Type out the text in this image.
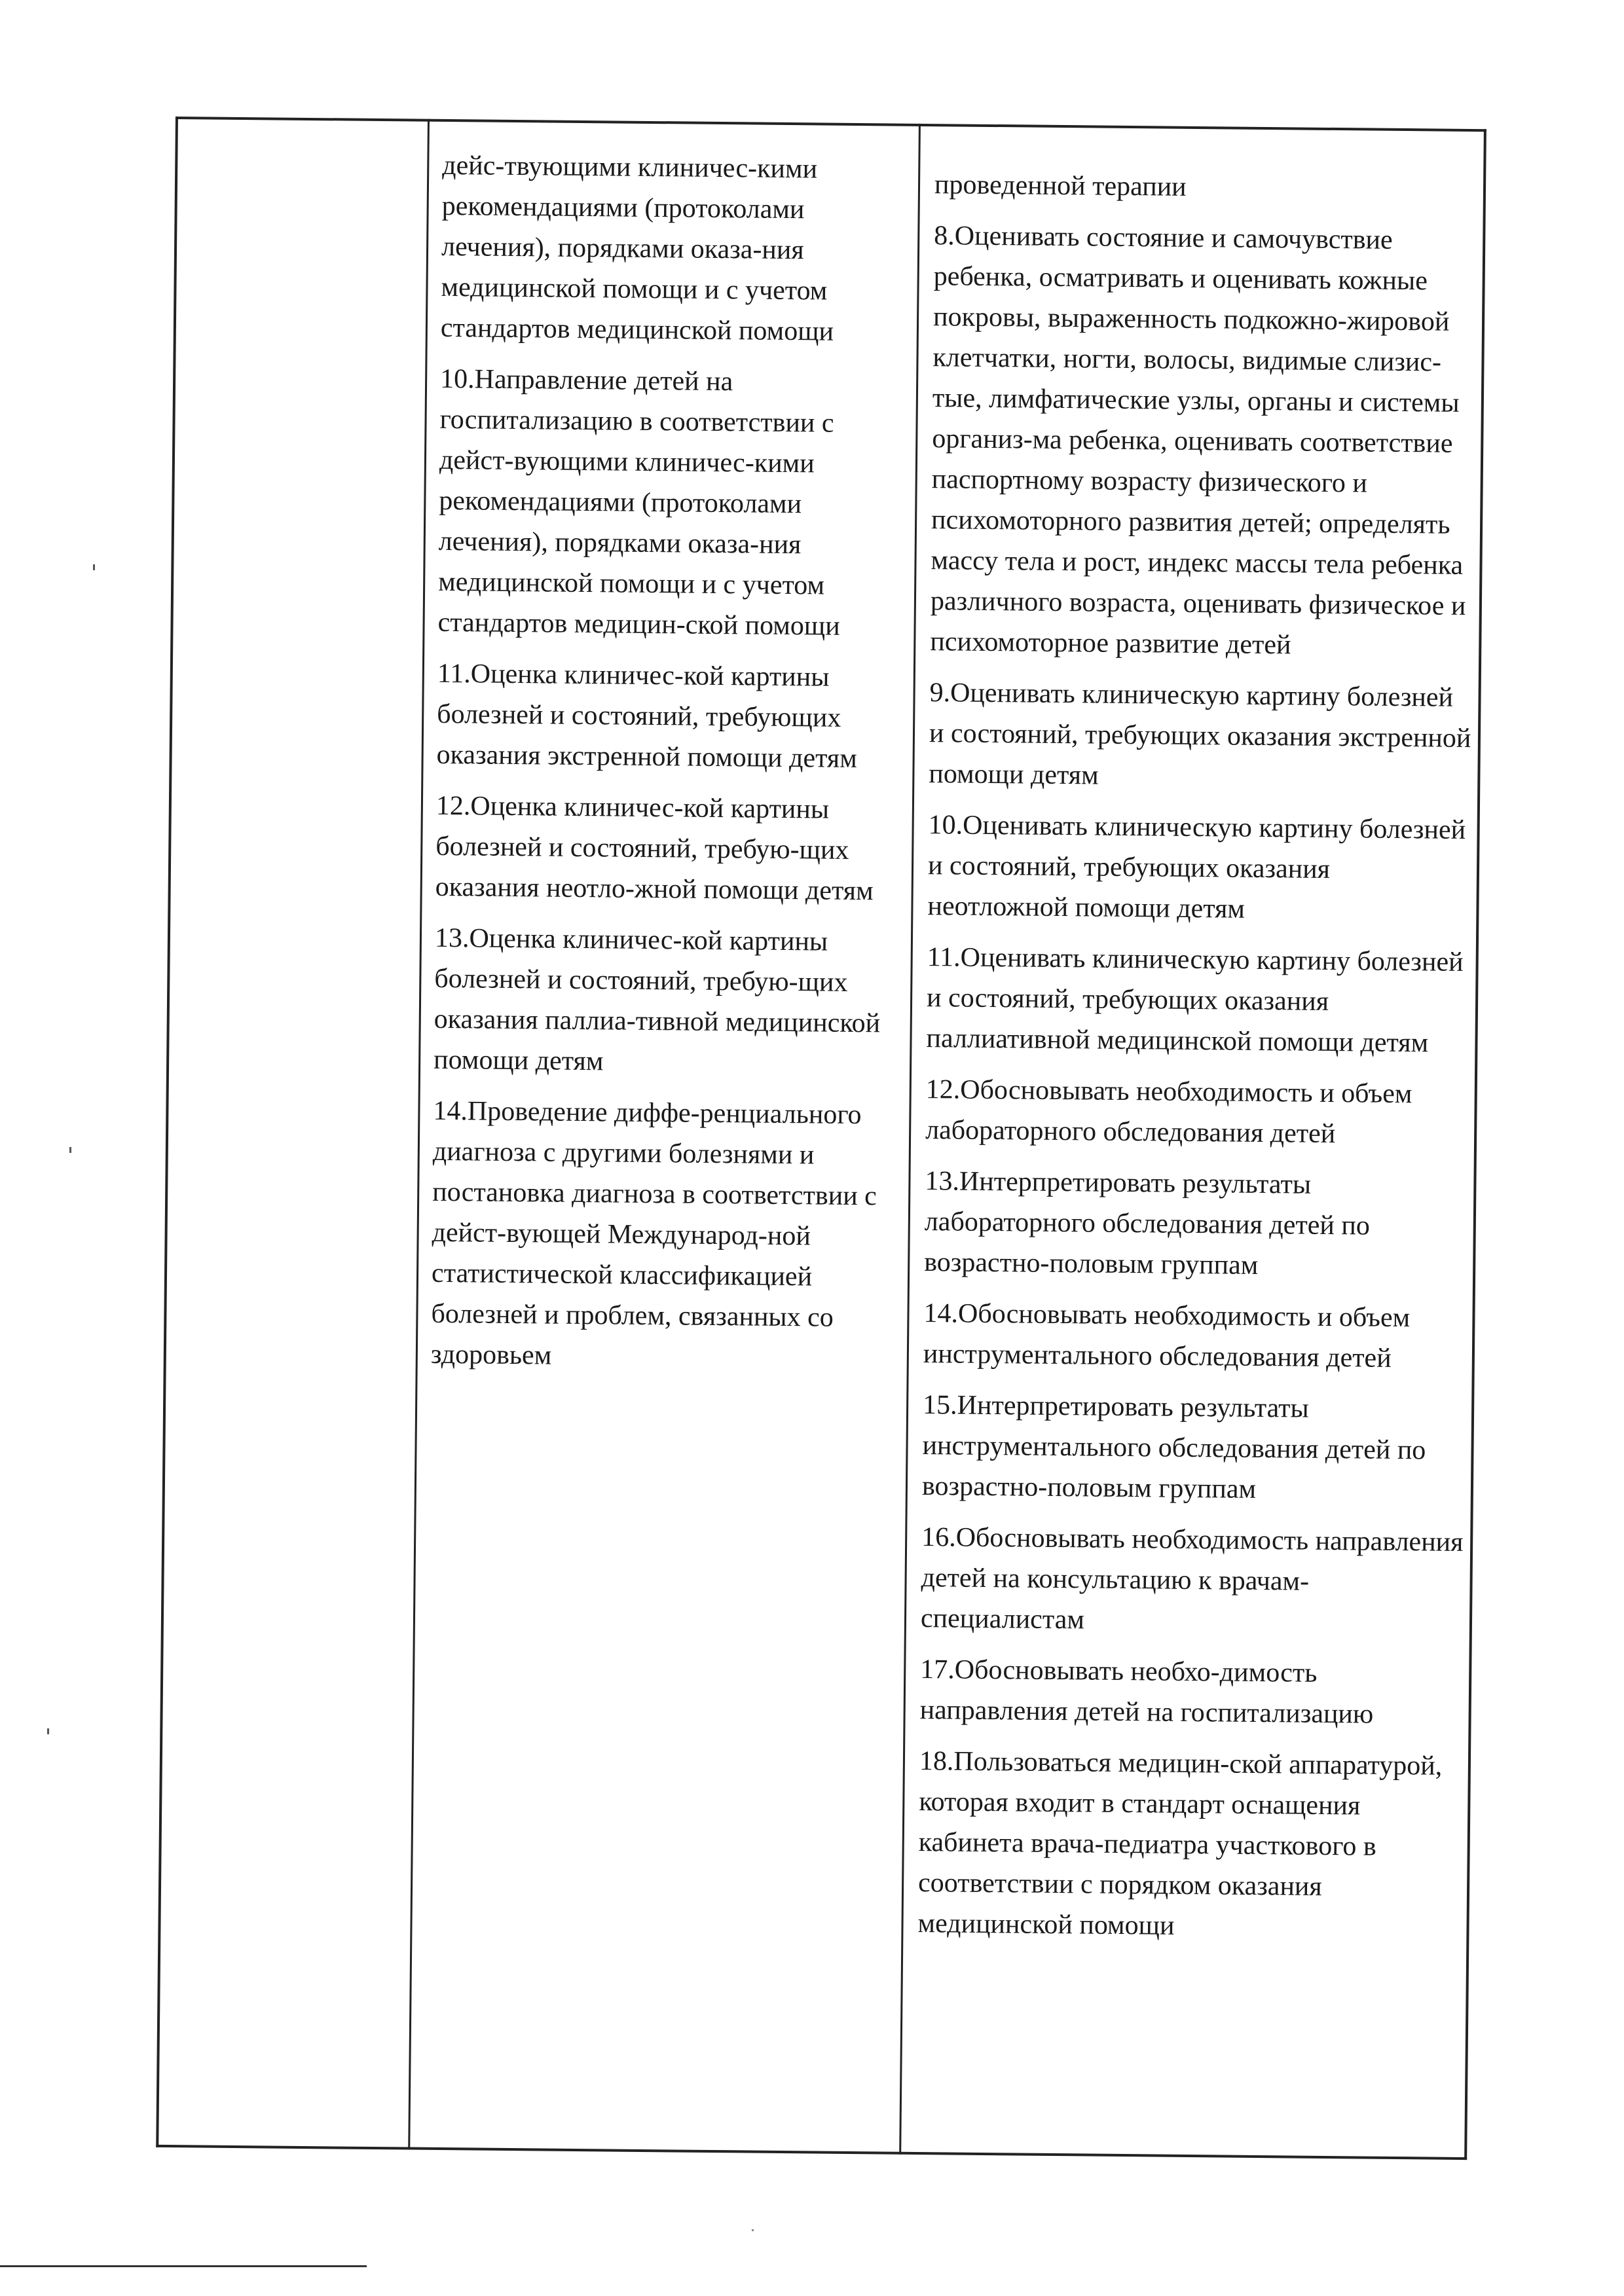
дейс-твующими клиничес-кими рекомендациями (протоколами лечения), порядками оказа-ния медицинской помощи и с учетом стандартов медицинской помощи

10.Направление детей на госпитализацию в соответствии с дейст-вующими клиничес-кими рекомендациями (протоколами лечения), порядками оказа-ния медицинской помощи и с учетом стандартов медицин-ской помощи

11.Оценка клиничес-кой картины болезней и состояний, требующих оказания экстренной помощи детям

12.Оценка клиничес-кой картины болезней и состояний, требую-щих оказания неотло-жной помощи детям

13.Оценка клиничес-кой картины болезней и состояний, требую-щих оказания паллиа-тивной медицинской помощи детям

14.Проведение диффе-ренциального диагноза с другими болезнями и постановка диагноза в соответствии с дейст-вующей Международ-ной статистической классификацией болезней и проблем, связанных со здоровьем

проведенной терапии

8.Оценивать состояние и самочувствие ребенка, осматривать и оценивать кожные покровы, выраженность подкожно-жировой клетчатки, ногти, волосы, видимые слизис-тые, лимфатические узлы, органы и системы организ-ма ребенка, оценивать соответствие паспортному возрасту физического и психомоторного развития детей; определять массу тела и рост, индекс массы тела ребенка различного возраста, оценивать физическое и психомоторное развитие детей

9.Оценивать клиническую картину болезней и состояний, требующих оказания экстренной помощи детям

10.Оценивать клиническую картину болезней и состояний, требующих оказания неотложной помощи детям

11.Оценивать клиническую картину болезней и состояний, требующих оказания паллиативной медицинской помощи детям

12.Обосновывать необходимость и объем лабораторного обследования детей

13.Интерпретировать результаты лабораторного обследования детей по возрастно-половым группам

14.Обосновывать необходимость и объем инструментального обследования детей

15.Интерпретировать результаты инструментального обследования детей по возрастно-половым группам

16.Обосновывать необходимость направления детей на консультацию к врачам-специалистам

17.Обосновывать необхо-димость направления детей на госпитализацию

18.Пользоваться медицин-ской аппаратурой, которая входит в стандарт оснащения кабинета врача-педиатра участкового в соответствии с порядком оказания медицинской помощи
